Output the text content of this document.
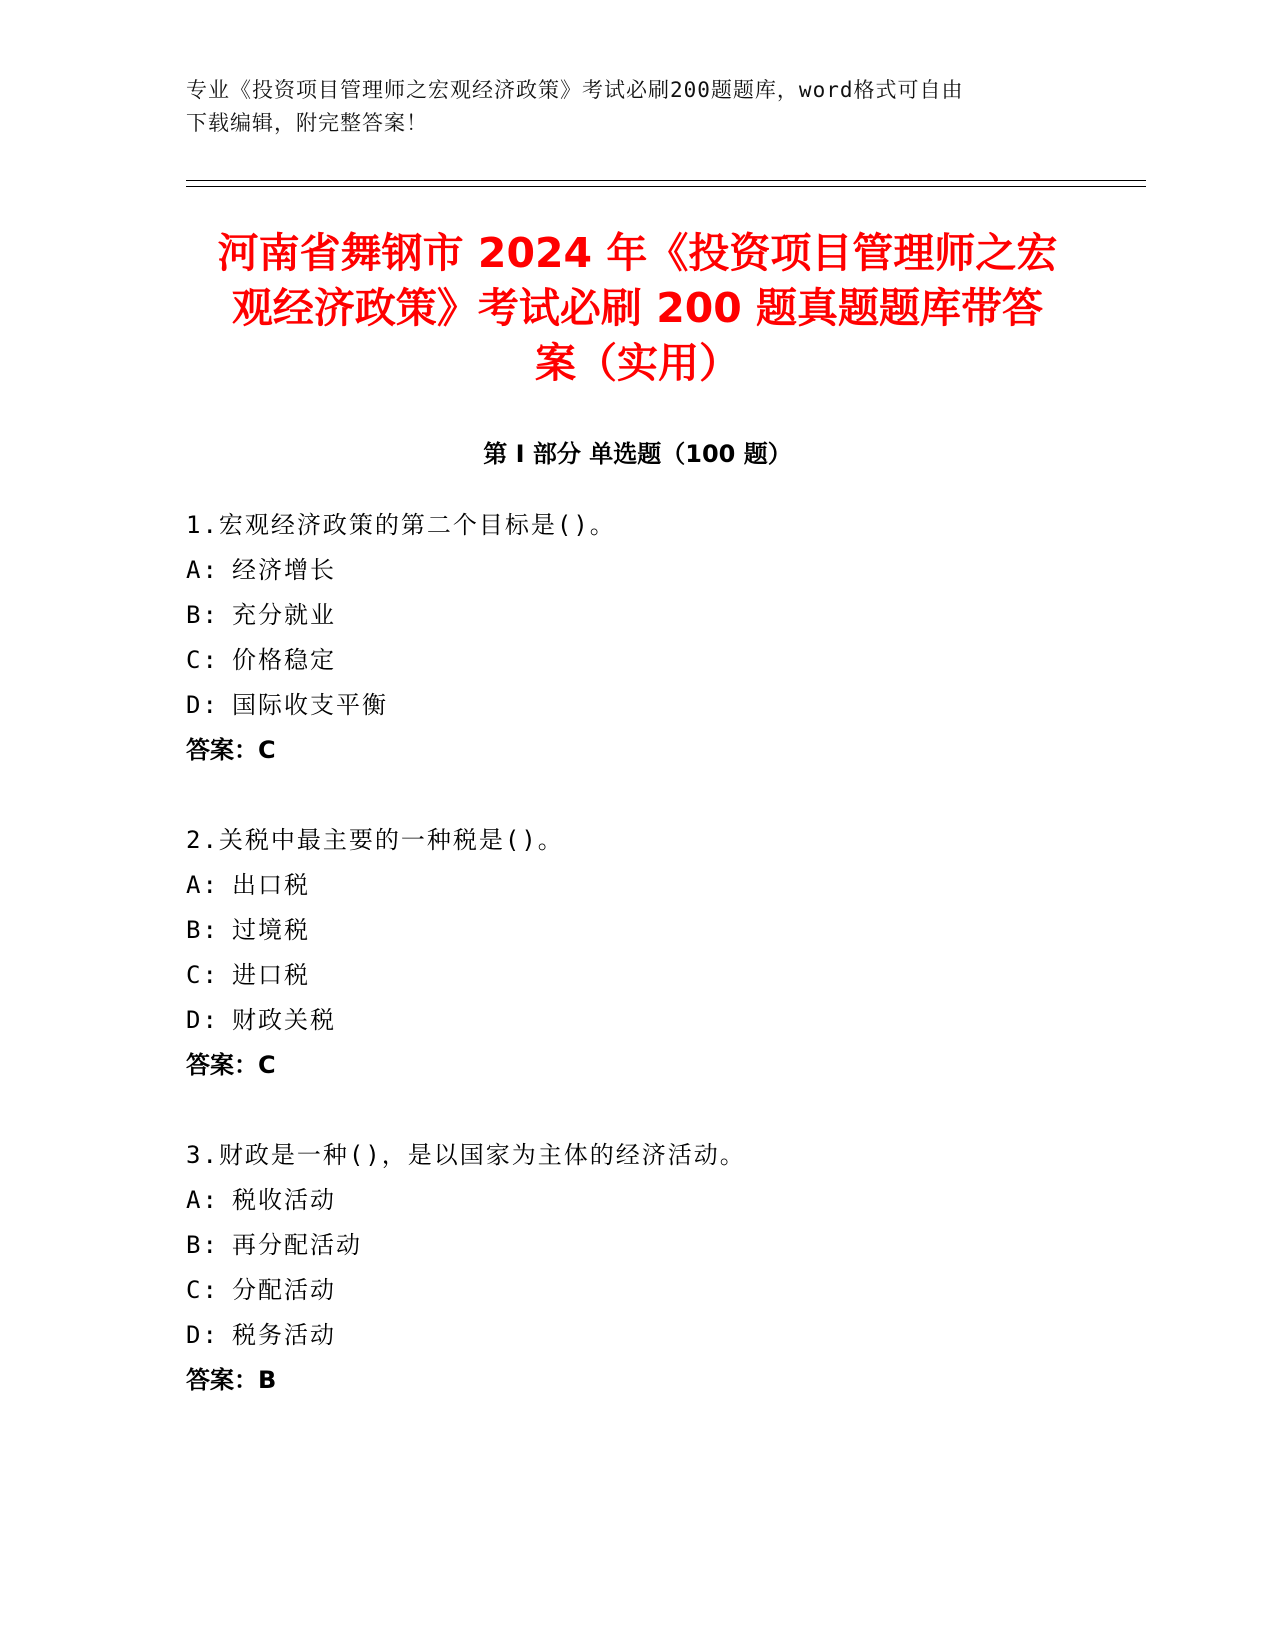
专业《投资项目管理师之宏观经济政策》考试必刷200题题库，word格式可自由
下载编辑，附完整答案！
河南省舞钢市 2024 年《投资项目管理师之宏
观经济政策》考试必刷 200 题真题题库带答
案（实用）
第 I 部分 单选题（100 题）
1.宏观经济政策的第二个目标是()。
A: 经济增长
B: 充分就业
C: 价格稳定
D: 国际收支平衡
答案：C
2.关税中最主要的一种税是()。
A: 出口税
B: 过境税
C: 进口税
D: 财政关税
答案：C
3.财政是一种()，是以国家为主体的经济活动。
A: 税收活动
B: 再分配活动
C: 分配活动
D: 税务活动
答案：B
